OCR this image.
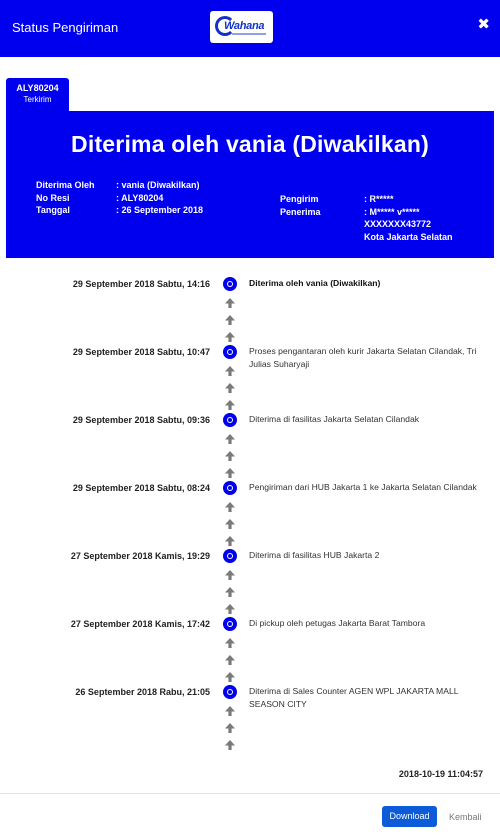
Status Pengiriman	Wahana	✖
ALY80204
Terkirim
Diterima oleh vania (Diwakilkan)
Diterima Oleh	: vania (Diwakilkan)
No Resi	: ALY80204
Tanggal	: 26 September 2018
Pengirim	: R*****
Penerima	: M***** v*****
XXXXXXX43772
Kota Jakarta Selatan
29 September 2018 Sabtu, 14:16	Diterima oleh vania (Diwakilkan)
29 September 2018 Sabtu, 10:47	Proses pengantaran oleh kurir Jakarta Selatan Cilandak, Tri Julias Suharyaji
29 September 2018 Sabtu, 09:36	Diterima di fasilitas Jakarta Selatan Cilandak
29 September 2018 Sabtu, 08:24	Pengiriman dari HUB Jakarta 1 ke Jakarta Selatan Cilandak
27 September 2018 Kamis, 19:29	Diterima di fasilitas HUB Jakarta 2
27 September 2018 Kamis, 17:42	Di pickup oleh petugas Jakarta Barat Tambora
26 September 2018 Rabu, 21:05	Diterima di Sales Counter AGEN WPL JAKARTA MALL SEASON CITY
2018-10-19 11:04:57
Download	Kembali
